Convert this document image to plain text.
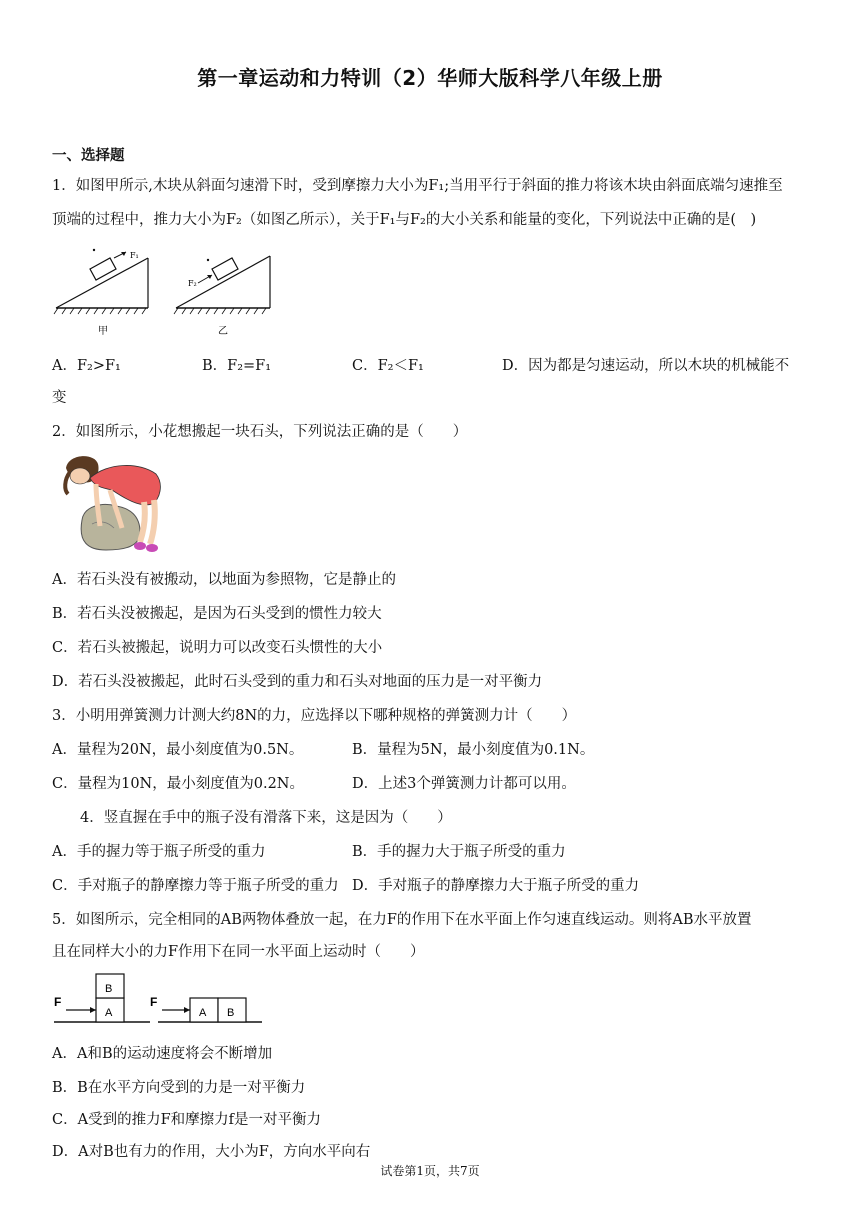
第一章运动和力特训（2）华师大版科学八年级上册
一、选择题
1．如图甲所示,木块从斜面匀速滑下时，受到摩擦力大小为F₁;当用平行于斜面的推力将该木块由斜面底端匀速推至
顶端的过程中，推力大小为F₂（如图乙所示），关于F₁与F₂的大小关系和能量的变化，下列说法中正确的是(　)
F₁
甲
F₂
乙
A．F₂>F₁	B．F₂=F₁	C．F₂＜F₁	D．因为都是匀速运动，所以木块的机械能不
变
2．如图所示，小花想搬起一块石头，下列说法正确的是（　　）
A．若石头没有被搬动，以地面为参照物，它是静止的
B．若石头没被搬起，是因为石头受到的惯性力较大
C．若石头被搬起，说明力可以改变石头惯性的大小
D．若石头没被搬起，此时石头受到的重力和石头对地面的压力是一对平衡力
3．小明用弹簧测力计测大约8N的力，应选择以下哪种规格的弹簧测力计（　　）
A．量程为20N，最小刻度值为0.5N。	B．量程为5N，最小刻度值为0.1N。
C．量程为10N，最小刻度值为0.2N。	D．上述3个弹簧测力计都可以用。
4．竖直握在手中的瓶子没有滑落下来，这是因为（　　）
A．手的握力等于瓶子所受的重力	B．手的握力大于瓶子所受的重力
C．手对瓶子的静摩擦力等于瓶子所受的重力 D．手对瓶子的静摩擦力大于瓶子所受的重力
5．如图所示，完全相同的AB两物体叠放一起，在力F的作用下在水平面上作匀速直线运动。则将AB水平放置
且在同样大小的力F作用下在同一水平面上运动时（　　）
F
B
A
F
A B
A．A和B的运动速度将会不断增加
B．B在水平方向受到的力是一对平衡力
C．A受到的推力F和摩擦力f是一对平衡力
D．A对B也有力的作用，大小为F，方向水平向右
试卷第1页，共7页
